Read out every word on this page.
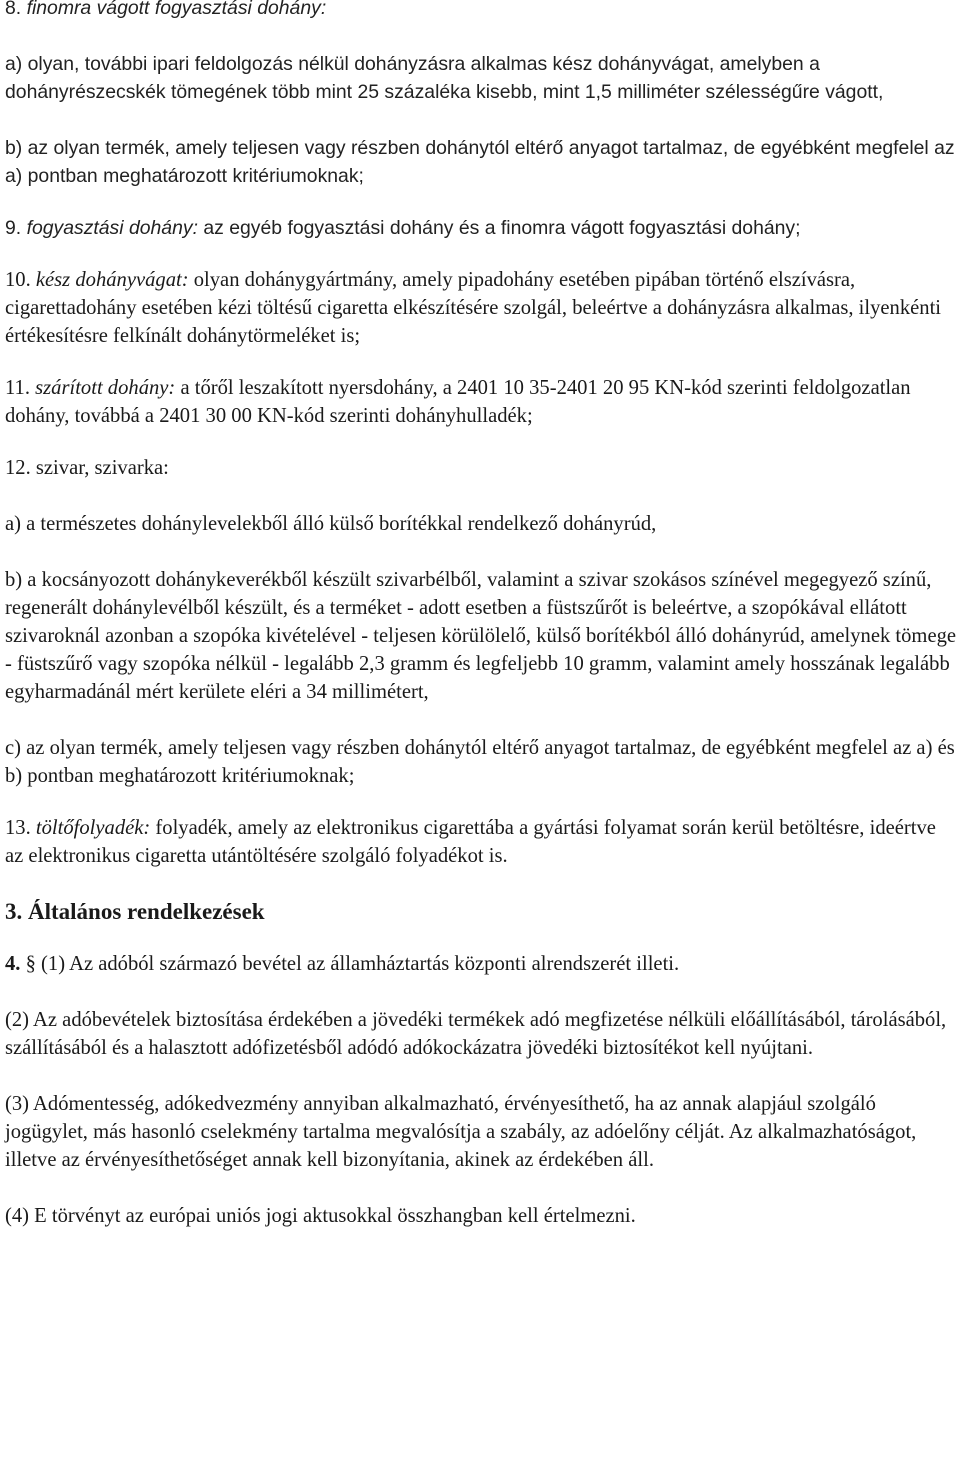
8. finomra vágott fogyasztási dohány:

a) olyan, további ipari feldolgozás nélkül dohányzásra alkalmas kész dohányvágat, amelyben a dohányrészecskék tömegének több mint 25 százaléka kisebb, mint 1,5 milliméter szélességűre vágott,

b) az olyan termék, amely teljesen vagy részben dohánytól eltérő anyagot tartalmaz, de egyébként megfelel az a) pontban meghatározott kritériumoknak;

9. fogyasztási dohány: az egyéb fogyasztási dohány és a finomra vágott fogyasztási dohány;

10. kész dohányvágat: olyan dohánygyártmány, amely pipadohány esetében pipában történő elszívásra, cigarettadohány esetében kézi töltésű cigaretta elkészítésére szolgál, beleértve a dohányzásra alkalmas, ilyenkénti értékesítésre felkínált dohánytörmeléket is;

11. szárított dohány: a tőről leszakított nyersdohány, a 2401 10 35-2401 20 95 KN-kód szerinti feldolgozatlan dohány, továbbá a 2401 30 00 KN-kód szerinti dohányhulladék;

12. szivar, szivarka:

a) a természetes dohánylevelekből álló külső borítékkal rendelkező dohányrúd,

b) a kocsányozott dohánykeverékből készült szivarbélből, valamint a szivar szokásos színével megegyező színű, regenerált dohánylevélből készült, és a terméket - adott esetben a füstszűrőt is beleértve, a szopókával ellátott szivaroknál azonban a szopóka kivételével - teljesen körülölelő, külső borítékból álló dohányrúd, amelynek tömege - füstszűrő vagy szopóka nélkül - legalább 2,3 gramm és legfeljebb 10 gramm, valamint amely hosszának legalább egyharmadánál mért kerülete eléri a 34 millimétert,

c) az olyan termék, amely teljesen vagy részben dohánytól eltérő anyagot tartalmaz, de egyébként megfelel az a) és b) pontban meghatározott kritériumoknak;

13. töltőfolyadék: folyadék, amely az elektronikus cigarettába a gyártási folyamat során kerül betöltésre, ideértve az elektronikus cigaretta utántöltésére szolgáló folyadékot is.

3. Általános rendelkezések

4. § (1) Az adóból származó bevétel az államháztartás központi alrendszerét illeti.

(2) Az adóbevételek biztosítása érdekében a jövedéki termékek adó megfizetése nélküli előállításából, tárolásából, szállításából és a halasztott adófizetésből adódó adókockázatra jövedéki biztosítékot kell nyújtani.

(3) Adómentesség, adókedvezmény annyiban alkalmazható, érvényesíthető, ha az annak alapjául szolgáló jogügylet, más hasonló cselekmény tartalma megvalósítja a szabály, az adóelőny célját. Az alkalmazhatóságot, illetve az érvényesíthetőséget annak kell bizonyítania, akinek az érdekében áll.

(4) E törvényt az európai uniós jogi aktusokkal összhangban kell értelmezni.
